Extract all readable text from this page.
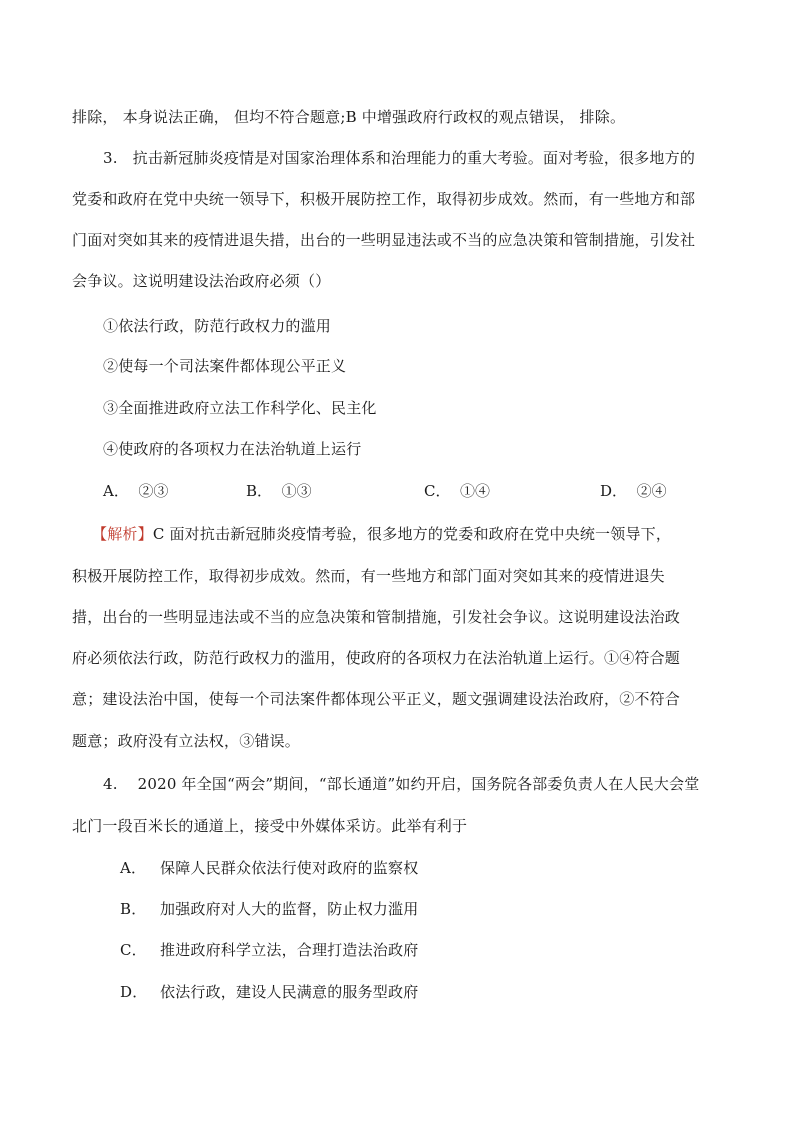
排除， 本身说法正确， 但均不符合题意;B 中增强政府行政权的观点错误， 排除。
3. 抗击新冠肺炎疫情是对国家治理体系和治理能力的重大考验。面对考验，很多地方的
党委和政府在党中央统一领导下，积极开展防控工作，取得初步成效。然而，有一些地方和部
门面对突如其来的疫情进退失措，出台的一些明显违法或不当的应急决策和管制措施，引发社
会争议。这说明建设法治政府必须（）
①依法行政，防范行政权力的滥用
②使每一个司法案件都体现公平正义
③全面推进政府立法工作科学化、民主化
④使政府的各项权力在法治轨道上运行
A． ②③	B． ①③	C． ①④	D． ②④
【解析】C 面对抗击新冠肺炎疫情考验，很多地方的党委和政府在党中央统一领导下，
积极开展防控工作，取得初步成效。然而，有一些地方和部门面对突如其来的疫情进退失
措，出台的一些明显违法或不当的应急决策和管制措施，引发社会争议。这说明建设法治政
府必须依法行政，防范行政权力的滥用，使政府的各项权力在法治轨道上运行。①④符合题
意；建设法治中国，使每一个司法案件都体现公平正义，题文强调建设法治政府，②不符合
题意；政府没有立法权，③错误。
4. 2020 年全国“两会”期间，“部长通道”如约开启，国务院各部委负责人在人民大会堂
北门一段百米长的通道上，接受中外媒体采访。此举有利于
A． 保障人民群众依法行使对政府的监察权
B． 加强政府对人大的监督，防止权力滥用
C． 推进政府科学立法，合理打造法治政府
D． 依法行政，建设人民满意的服务型政府
